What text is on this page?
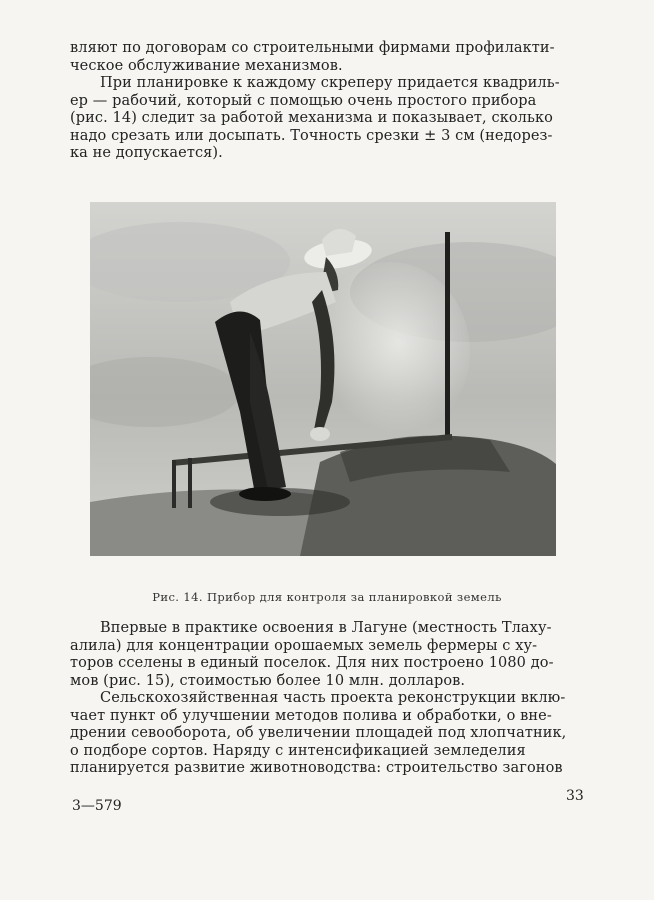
вляют по договорам со строительными фирмами профилакти-
ческое обслуживание механизмов.
При планировке к каждому скреперу придается квадриль-
ер — рабочий, который с помощью очень простого прибора
(рис. 14) следит за работой механизма и показывает, сколько
надо срезать или досыпать. Точность срезки ± 3 см (недорез-
ка не допускается).
Рис. 14. Прибор для контроля за планировкой земель
Впервые в практике освоения в Лагуне (местность Тлаху-
алила) для концентрации орошаемых земель фермеры с ху-
торов сселены в единый поселок. Для них построено 1080 до-
мов (рис. 15), стоимостью более 10 млн. долларов.
Сельскохозяйственная часть проекта реконструкции вклю-
чает пункт об улучшении методов полива и обработки, о вне-
дрении севооборота, об увеличении площадей под хлопчатник,
о подборе сортов. Наряду с интенсификацией земледелия
планируется развитие животноводства: строительство загонов
3—579
33
